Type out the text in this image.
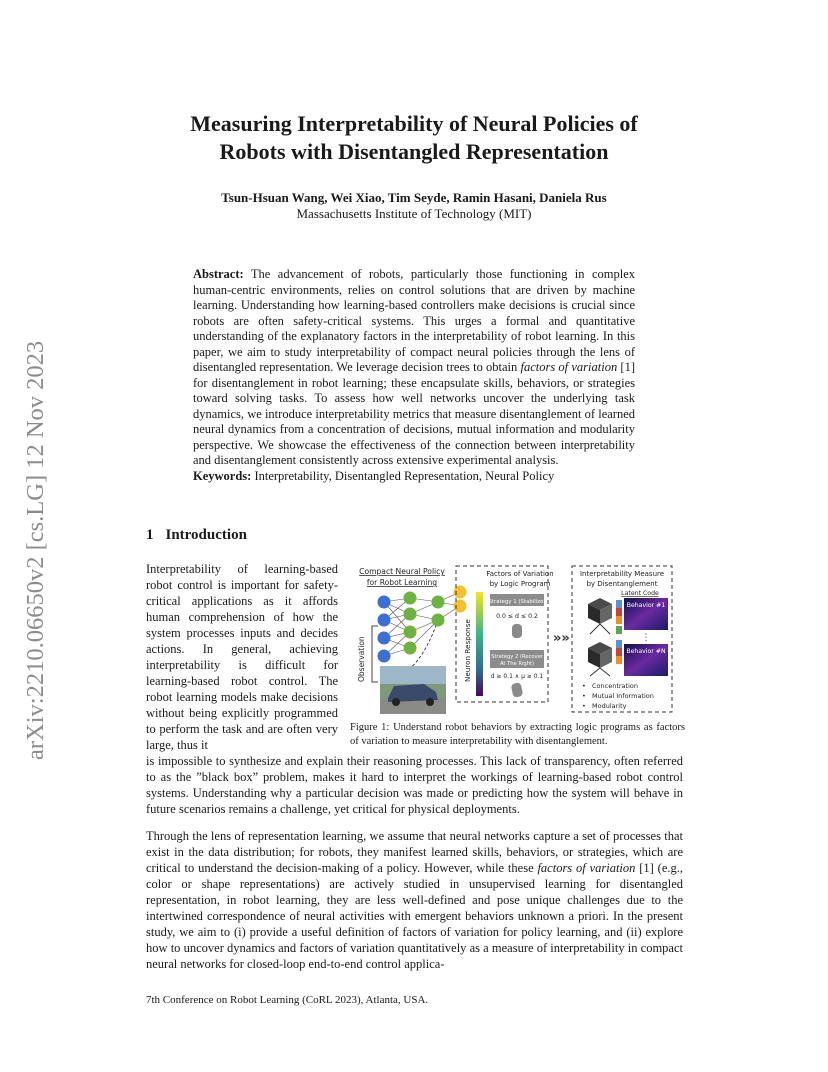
arXiv:2210.06650v2 [cs.LG] 12 Nov 2023
Measuring Interpretability of Neural Policies of
Robots with Disentangled Representation
Tsun-Hsuan Wang, Wei Xiao, Tim Seyde, Ramin Hasani, Daniela Rus
Massachusetts Institute of Technology (MIT)
Abstract: The advancement of robots, particularly those functioning in complex human-centric environments, relies on control solutions that are driven by machine learning. Understanding how learning-based controllers make decisions is crucial since robots are often safety-critical systems. This urges a formal and quantitative understanding of the explanatory factors in the interpretability of robot learning. In this paper, we aim to study interpretability of compact neural policies through the lens of disentangled representation. We leverage decision trees to obtain factors of variation [1] for disentanglement in robot learning; these encapsulate skills, behaviors, or strategies toward solving tasks. To assess how well networks uncover the underlying task dynamics, we introduce interpretability metrics that measure disentanglement of learned neural dynamics from a concentration of decisions, mutual information and modularity perspective. We showcase the effectiveness of the connection between interpretability and disentanglement consistently across extensive experimental analysis.
Keywords: Interpretability, Disentangled Representation, Neural Policy
1 Introduction
Interpretability of learning-based robot control is important for safety-critical applications as it affords human comprehension of how the system processes inputs and decides actions. In general, achieving interpretability is difficult for learning-based robot control. The robot learning models make decisions without being explicitly programmed to perform the task and are often very large, thus it
Compact Neural Policy
for Robot Learning
Observation
Factors of Variation
by Logic Program
Neuron Response
Strategy 1 (Stabilize)
0.0 ≤ d ≤ 0.2
Strategy 2 (Recover
At The Right)
d ≥ 0.1 ∧ μ ≥ 0.1
»»
Interpretability Measure
by Disentanglement
Latent Code
Behavior #1
⋮
Behavior #N
• Concentration
• Mutual Information
• Modularity
Figure 1: Understand robot behaviors by extracting logic programs as factors of variation to measure interpretability with disentanglement.
is impossible to synthesize and explain their reasoning processes. This lack of transparency, often referred to as the ”black box” problem, makes it hard to interpret the workings of learning-based robot control systems. Understanding why a particular decision was made or predicting how the system will behave in future scenarios remains a challenge, yet critical for physical deployments.
Through the lens of representation learning, we assume that neural networks capture a set of processes that exist in the data distribution; for robots, they manifest learned skills, behaviors, or strategies, which are critical to understand the decision-making of a policy. However, while these factors of variation [1] (e.g., color or shape representations) are actively studied in unsupervised learning for disentangled representation, in robot learning, they are less well-defined and pose unique challenges due to the intertwined correspondence of neural activities with emergent behaviors unknown a priori. In the present study, we aim to (i) provide a useful definition of factors of variation for policy learning, and (ii) explore how to uncover dynamics and factors of variation quantitatively as a measure of interpretability in compact neural networks for closed-loop end-to-end control applica-
7th Conference on Robot Learning (CoRL 2023), Atlanta, USA.
